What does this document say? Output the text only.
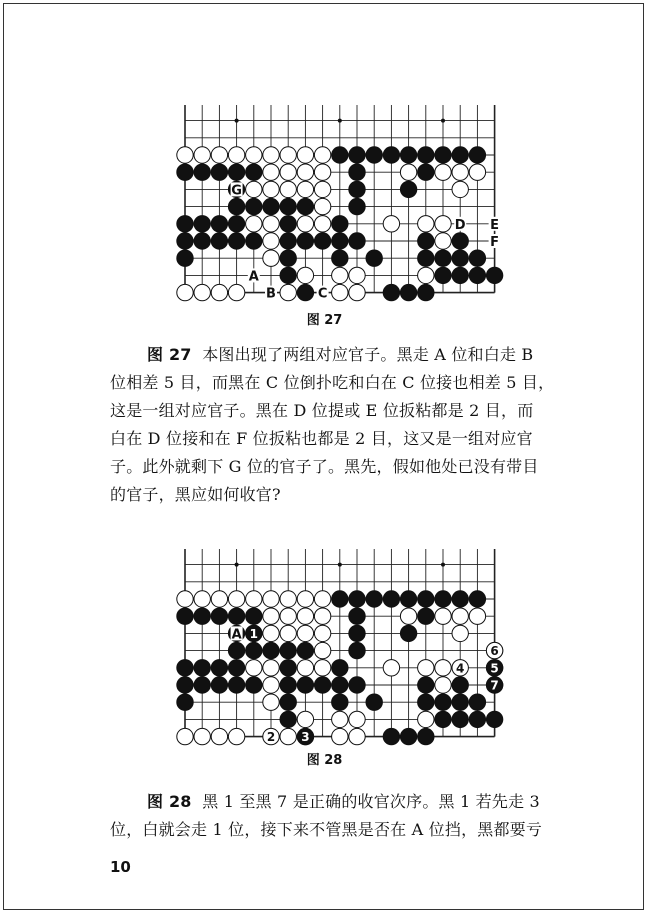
G
A
B	C
D E
F
图 27
图 27 本图出现了两组对应官子。黑走 A 位和白走 B
位相差 5 目，而黑在 C 位倒扑吃和白在 C 位接也相差 5 目，
这是一组对应官子。黑在 D 位提或 E 位扳粘都是 2 目，而
白在 D 位接和在 F 位扳粘也都是 2 目，这又是一组对应官
子。此外就剩下 G 位的官子了。黑先，假如他处已没有带目
的官子，黑应如何收官?
A 1
2 3
4 5
6
7
图 28
图 28 黑 1 至黑 7 是正确的收官次序。黑 1 若先走 3
位，白就会走 1 位，接下来不管黑是否在 A 位挡，黑都要亏
10
